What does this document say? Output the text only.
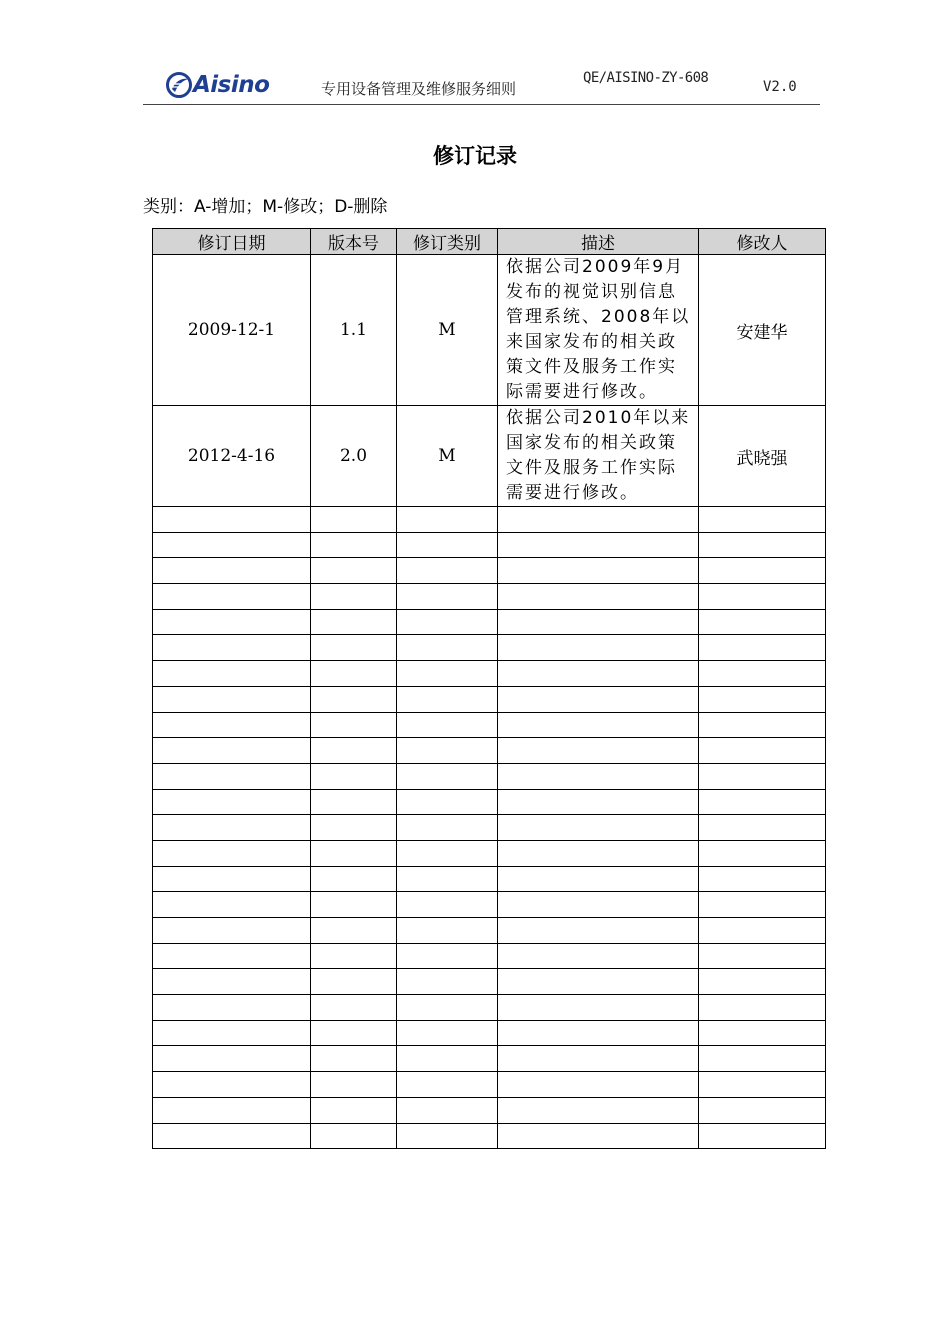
Aisino	专用设备管理及维修服务细则
QE/AISINO-ZY-608
V2.0
修订记录
类别：A-增加；M-修改；D-删除
修订日期	版本号	修订类别	描述	修改人
2009-12-1	1.1	M	依据公司2009年9月发布的视觉识别信息管理系统、2008年以来国家发布的相关政策文件及服务工作实际需要进行修改。	安建华
2012-4-16	2.0	M	依据公司2010年以来国家发布的相关政策文件及服务工作实际需要进行修改。	武晓强
